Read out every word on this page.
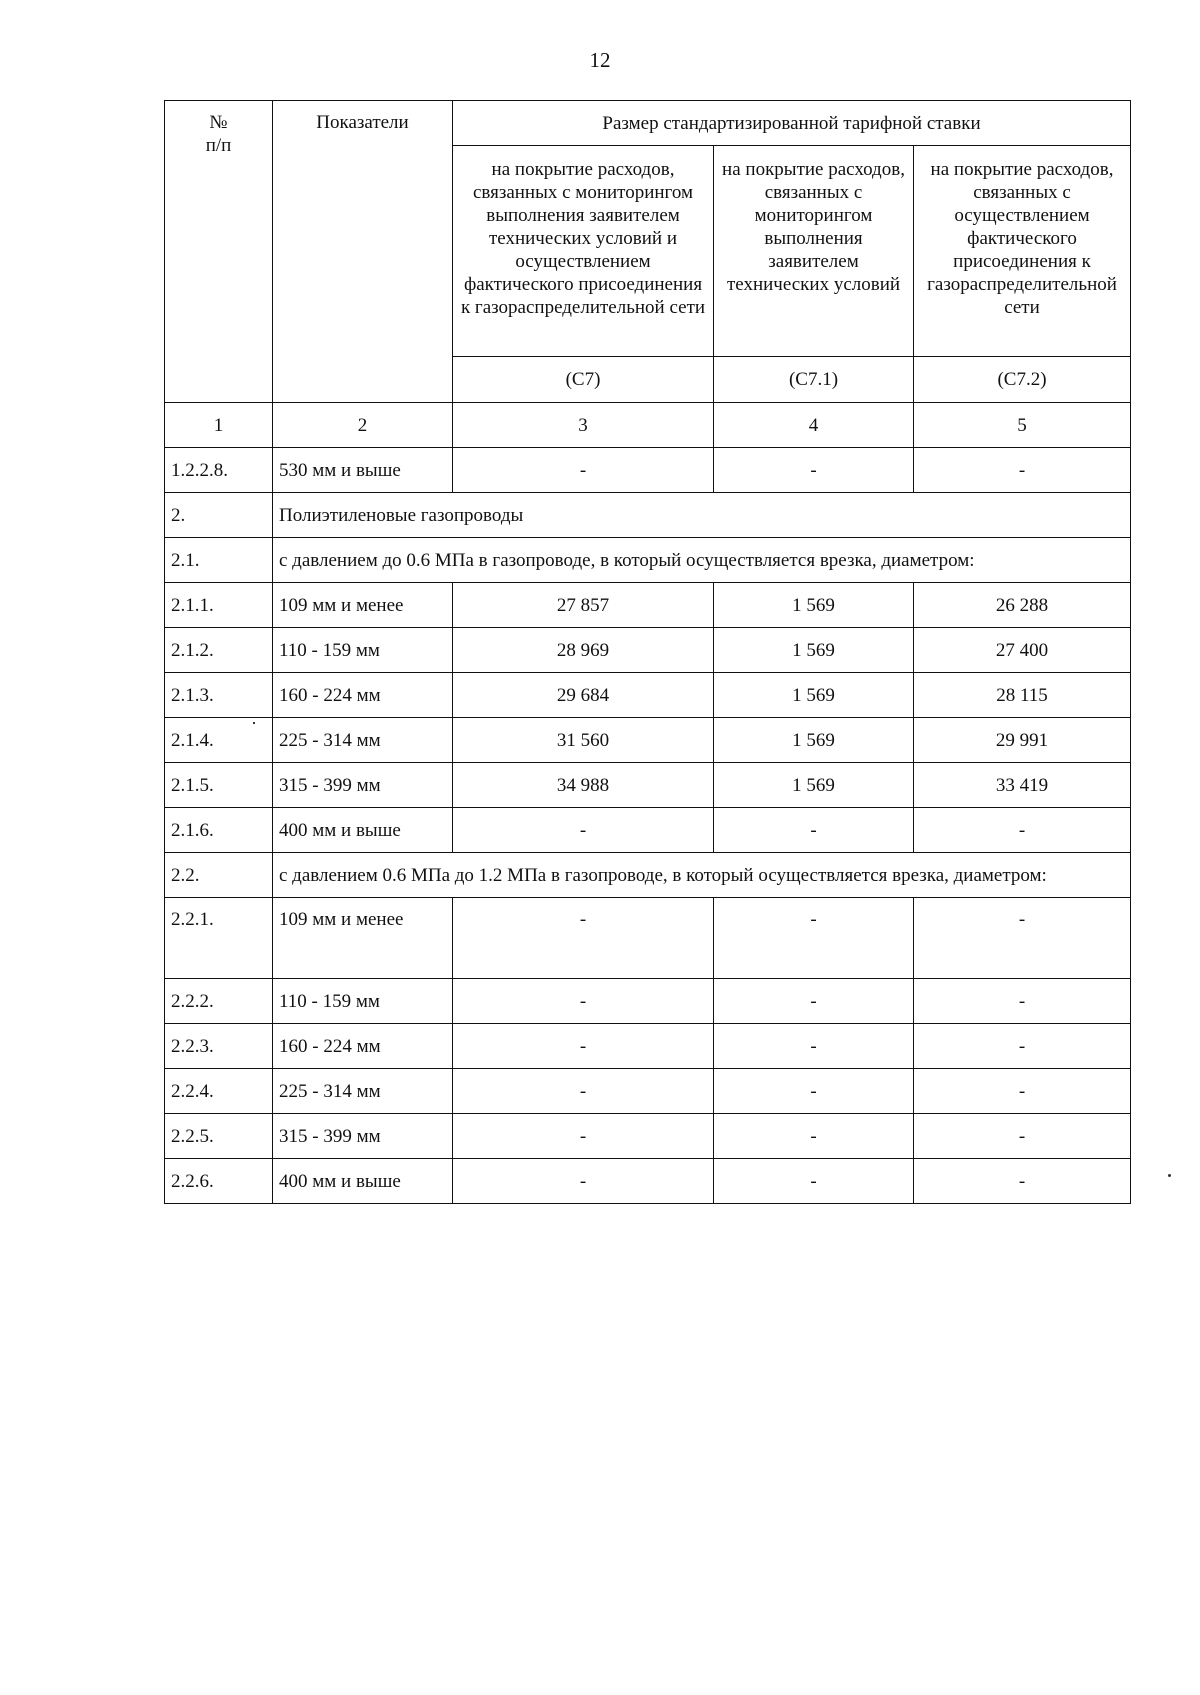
12
№
п/п	Показатели	Размер стандартизированной тарифной ставки		
		на покрытие расходов, связанных с мониторингом выполнения заявителем технических условий и осуществлением фактического присоединения к газораспределительной сети	на покрытие расходов, связанных с мониторингом выполнения заявителем технических условий	на покрытие расходов, связанных с осуществлением фактического присоединения к газораспределительной сети
		(С7)	(С7.1)	(С7.2)
1	2	3	4	5
1.2.2.8.	530 мм и выше	-	-	-
2.	Полиэтиленовые газопроводы			
2.1.	с давлением до 0.6 МПа в газопроводе, в который осуществляется врезка, диаметром:			
2.1.1.	109 мм и менее	27 857	1 569	26 288
2.1.2.	110 - 159 мм	28 969	1 569	27 400
2.1.3.	160 - 224 мм	29 684	1 569	28 115
2.1.4.	225 - 314 мм	31 560	1 569	29 991
2.1.5.	315 - 399 мм	34 988	1 569	33 419
2.1.6.	400 мм и выше	-	-	-
2.2.	с давлением 0.6 МПа до 1.2 МПа в газопроводе, в который осуществляется врезка, диаметром:			
2.2.1.	109 мм и менее	-	-	-
2.2.2.	110 - 159 мм	-	-	-
2.2.3.	160 - 224 мм	-	-	-
2.2.4.	225 - 314 мм	-	-	-
2.2.5.	315 - 399 мм	-	-	-
2.2.6.	400 мм и выше	-	-	-
